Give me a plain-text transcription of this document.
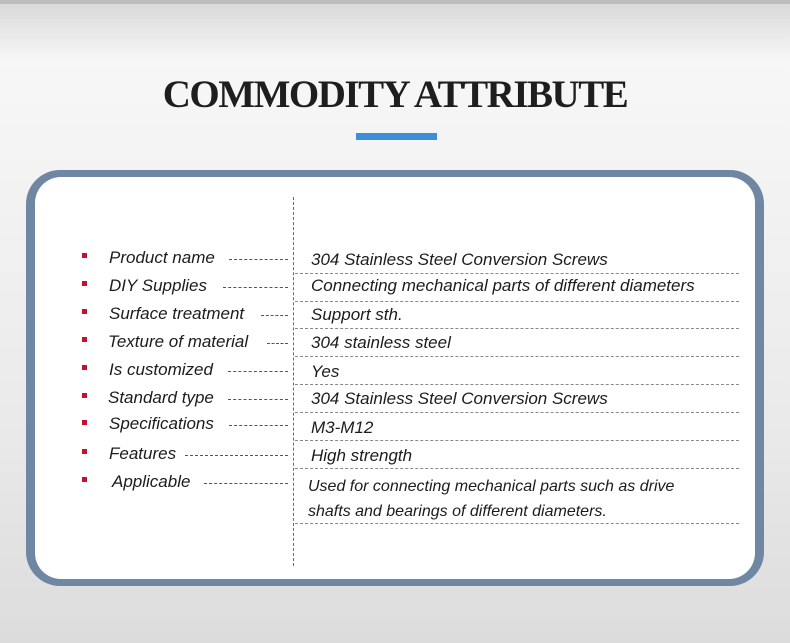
COMMODITY ATTRIBUTE
Product name	304 Stainless Steel Conversion Screws
DIY Supplies	Connecting mechanical parts of different diameters
Surface treatment	Support sth.
Texture of material	304 stainless steel
Is customized	Yes
Standard type	304 Stainless Steel Conversion Screws
Specifications	M3-M12
Features	High strength
Applicable	Used for connecting mechanical parts such as drive
shafts and bearings of different diameters.
